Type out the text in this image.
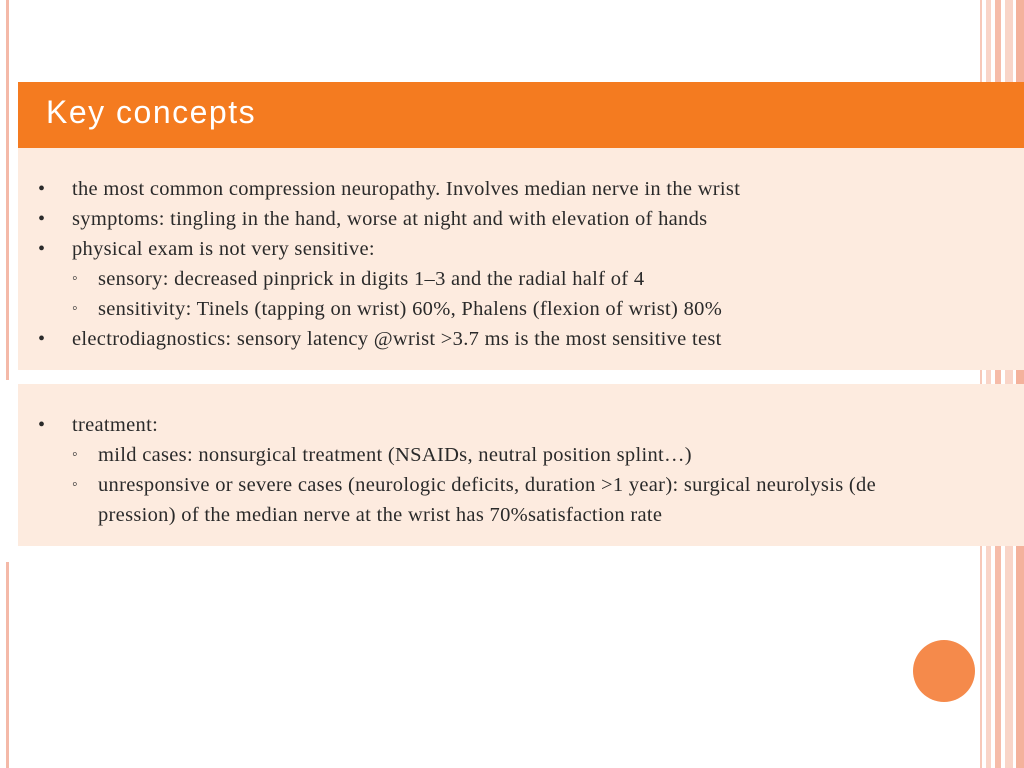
Key concepts
• the most common compression neuropathy. Involves median nerve in the wrist
• symptoms: tingling in the hand, worse at night and with elevation of hands
• physical exam is not very sensitive:
◦ sensory: decreased pinprick in digits 1–3 and the radial half of 4
◦ sensitivity: Tinels (tapping on wrist) 60%, Phalens (flexion of wrist) 80%
• electrodiagnostics: sensory latency @wrist >3.7 ms is the most sensitive test
• treatment:
◦ mild cases: nonsurgical treatment (NSAIDs, neutral position splint…)
◦ unresponsive or severe cases (neurologic deficits, duration >1 year): surgical neurolysis (de
pression) of the median nerve at the wrist has 70%satisfaction rate
